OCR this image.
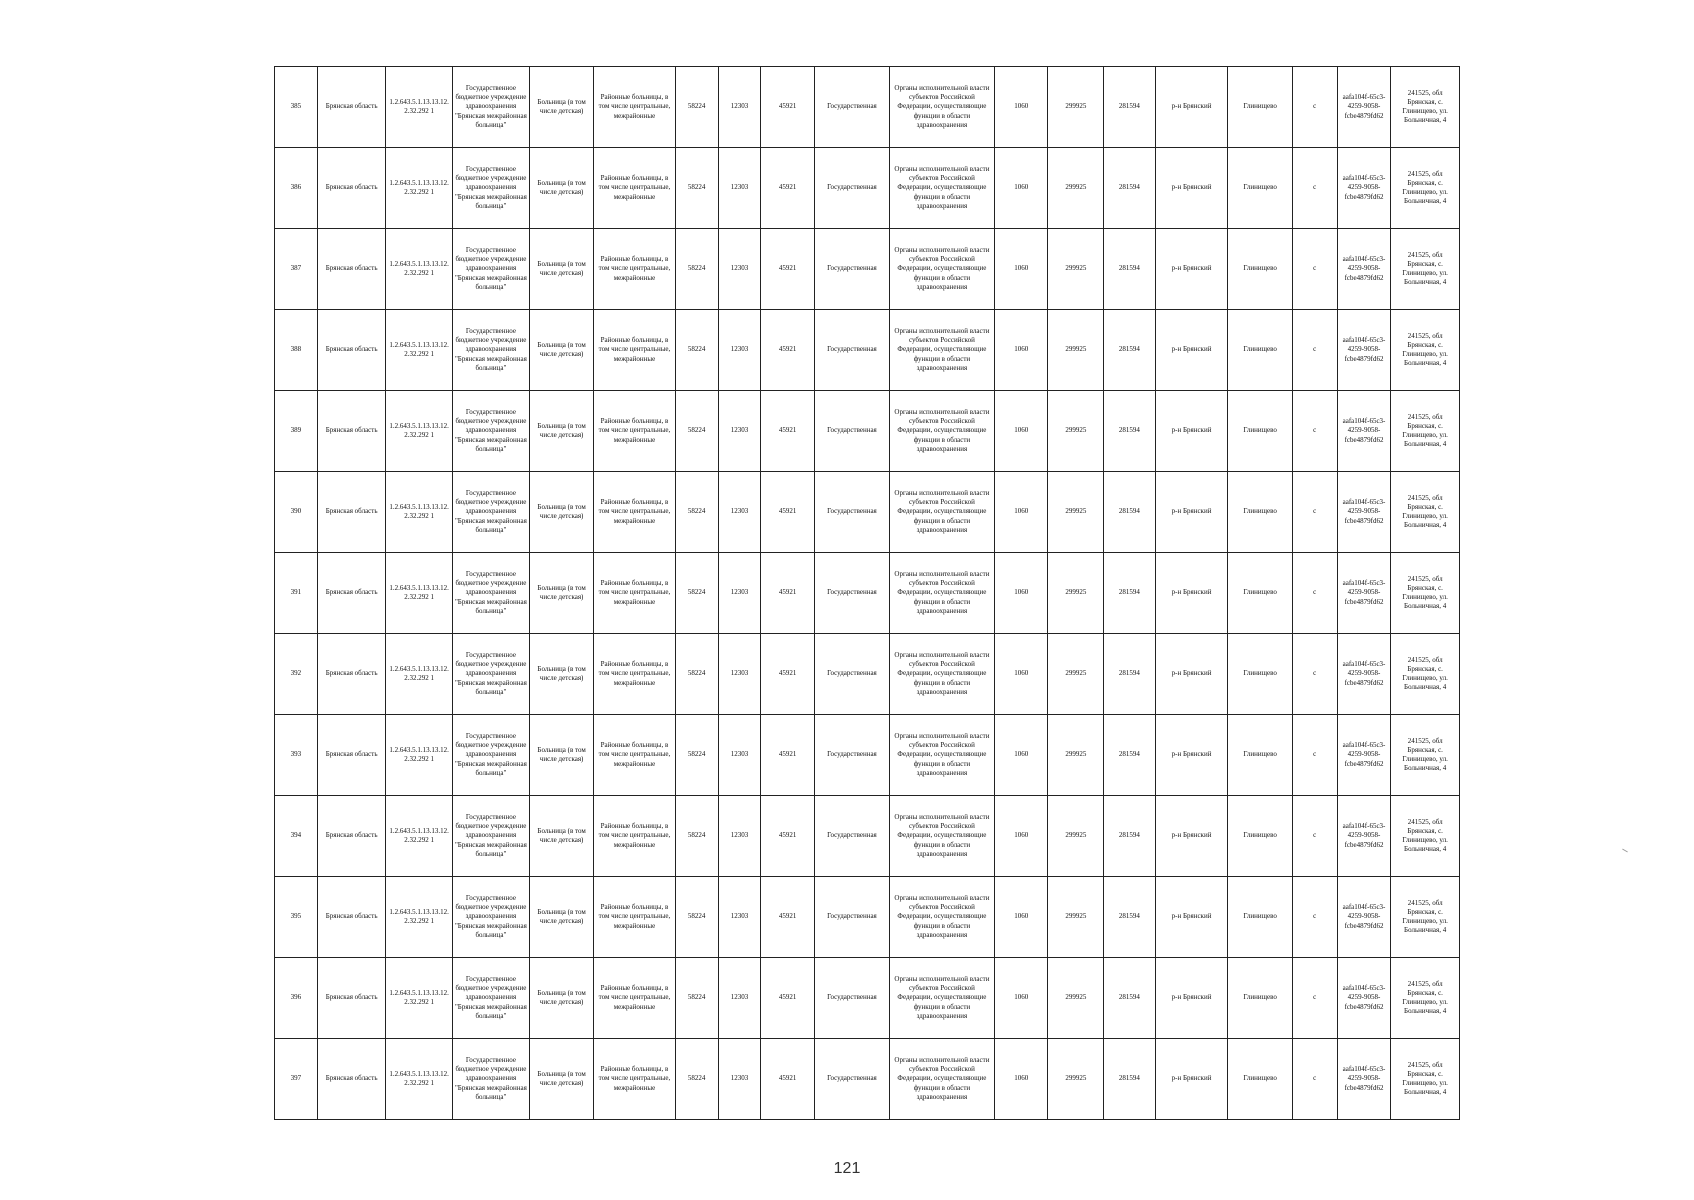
385	Брянская область	1.2.643.5.1.13.13.12.2.32.292 1	Государственное бюджетное учреждение здравоохранения "Брянская межрайонная больница"	Больница (в том числе детская)	Районные больницы, в том числе центральные, межрайонные	58224	12303	45921	Государственная	Органы исполнительной власти субъектов Российской Федерации, осуществляющие функции в области здравоохранения	1060	299925	281594	р-н Брянский	Глинищево	с	aafa104f-65c3-4259-9058-fcbe4879fd62	241525, обл Брянская, с. Глинищево, ул. Больничная, 4
386	Брянская область	1.2.643.5.1.13.13.12.2.32.292 1	Государственное бюджетное учреждение здравоохранения "Брянская межрайонная больница"	Больница (в том числе детская)	Районные больницы, в том числе центральные, межрайонные	58224	12303	45921	Государственная	Органы исполнительной власти субъектов Российской Федерации, осуществляющие функции в области здравоохранения	1060	299925	281594	р-н Брянский	Глинищево	с	aafa104f-65c3-4259-9058-fcbe4879fd62	241525, обл Брянская, с. Глинищево, ул. Больничная, 4
387	Брянская область	1.2.643.5.1.13.13.12.2.32.292 1	Государственное бюджетное учреждение здравоохранения "Брянская межрайонная больница"	Больница (в том числе детская)	Районные больницы, в том числе центральные, межрайонные	58224	12303	45921	Государственная	Органы исполнительной власти субъектов Российской Федерации, осуществляющие функции в области здравоохранения	1060	299925	281594	р-н Брянский	Глинищево	с	aafa104f-65c3-4259-9058-fcbe4879fd62	241525, обл Брянская, с. Глинищево, ул. Больничная, 4
388	Брянская область	1.2.643.5.1.13.13.12.2.32.292 1	Государственное бюджетное учреждение здравоохранения "Брянская межрайонная больница"	Больница (в том числе детская)	Районные больницы, в том числе центральные, межрайонные	58224	12303	45921	Государственная	Органы исполнительной власти субъектов Российской Федерации, осуществляющие функции в области здравоохранения	1060	299925	281594	р-н Брянский	Глинищево	с	aafa104f-65c3-4259-9058-fcbe4879fd62	241525, обл Брянская, с. Глинищево, ул. Больничная, 4
389	Брянская область	1.2.643.5.1.13.13.12.2.32.292 1	Государственное бюджетное учреждение здравоохранения "Брянская межрайонная больница"	Больница (в том числе детская)	Районные больницы, в том числе центральные, межрайонные	58224	12303	45921	Государственная	Органы исполнительной власти субъектов Российской Федерации, осуществляющие функции в области здравоохранения	1060	299925	281594	р-н Брянский	Глинищево	с	aafa104f-65c3-4259-9058-fcbe4879fd62	241525, обл Брянская, с. Глинищево, ул. Больничная, 4
390	Брянская область	1.2.643.5.1.13.13.12.2.32.292 1	Государственное бюджетное учреждение здравоохранения "Брянская межрайонная больница"	Больница (в том числе детская)	Районные больницы, в том числе центральные, межрайонные	58224	12303	45921	Государственная	Органы исполнительной власти субъектов Российской Федерации, осуществляющие функции в области здравоохранения	1060	299925	281594	р-н Брянский	Глинищево	с	aafa104f-65c3-4259-9058-fcbe4879fd62	241525, обл Брянская, с. Глинищево, ул. Больничная, 4
391	Брянская область	1.2.643.5.1.13.13.12.2.32.292 1	Государственное бюджетное учреждение здравоохранения "Брянская межрайонная больница"	Больница (в том числе детская)	Районные больницы, в том числе центральные, межрайонные	58224	12303	45921	Государственная	Органы исполнительной власти субъектов Российской Федерации, осуществляющие функции в области здравоохранения	1060	299925	281594	р-н Брянский	Глинищево	с	aafa104f-65c3-4259-9058-fcbe4879fd62	241525, обл Брянская, с. Глинищево, ул. Больничная, 4
392	Брянская область	1.2.643.5.1.13.13.12.2.32.292 1	Государственное бюджетное учреждение здравоохранения "Брянская межрайонная больница"	Больница (в том числе детская)	Районные больницы, в том числе центральные, межрайонные	58224	12303	45921	Государственная	Органы исполнительной власти субъектов Российской Федерации, осуществляющие функции в области здравоохранения	1060	299925	281594	р-н Брянский	Глинищево	с	aafa104f-65c3-4259-9058-fcbe4879fd62	241525, обл Брянская, с. Глинищево, ул. Больничная, 4
393	Брянская область	1.2.643.5.1.13.13.12.2.32.292 1	Государственное бюджетное учреждение здравоохранения "Брянская межрайонная больница"	Больница (в том числе детская)	Районные больницы, в том числе центральные, межрайонные	58224	12303	45921	Государственная	Органы исполнительной власти субъектов Российской Федерации, осуществляющие функции в области здравоохранения	1060	299925	281594	р-н Брянский	Глинищево	с	aafa104f-65c3-4259-9058-fcbe4879fd62	241525, обл Брянская, с. Глинищево, ул. Больничная, 4
394	Брянская область	1.2.643.5.1.13.13.12.2.32.292 1	Государственное бюджетное учреждение здравоохранения "Брянская межрайонная больница"	Больница (в том числе детская)	Районные больницы, в том числе центральные, межрайонные	58224	12303	45921	Государственная	Органы исполнительной власти субъектов Российской Федерации, осуществляющие функции в области здравоохранения	1060	299925	281594	р-н Брянский	Глинищево	с	aafa104f-65c3-4259-9058-fcbe4879fd62	241525, обл Брянская, с. Глинищево, ул. Больничная, 4
395	Брянская область	1.2.643.5.1.13.13.12.2.32.292 1	Государственное бюджетное учреждение здравоохранения "Брянская межрайонная больница"	Больница (в том числе детская)	Районные больницы, в том числе центральные, межрайонные	58224	12303	45921	Государственная	Органы исполнительной власти субъектов Российской Федерации, осуществляющие функции в области здравоохранения	1060	299925	281594	р-н Брянский	Глинищево	с	aafa104f-65c3-4259-9058-fcbe4879fd62	241525, обл Брянская, с. Глинищево, ул. Больничная, 4
396	Брянская область	1.2.643.5.1.13.13.12.2.32.292 1	Государственное бюджетное учреждение здравоохранения "Брянская межрайонная больница"	Больница (в том числе детская)	Районные больницы, в том числе центральные, межрайонные	58224	12303	45921	Государственная	Органы исполнительной власти субъектов Российской Федерации, осуществляющие функции в области здравоохранения	1060	299925	281594	р-н Брянский	Глинищево	с	aafa104f-65c3-4259-9058-fcbe4879fd62	241525, обл Брянская, с. Глинищево, ул. Больничная, 4
397	Брянская область	1.2.643.5.1.13.13.12.2.32.292 1	Государственное бюджетное учреждение здравоохранения "Брянская межрайонная больница"	Больница (в том числе детская)	Районные больницы, в том числе центральные, межрайонные	58224	12303	45921	Государственная	Органы исполнительной власти субъектов Российской Федерации, осуществляющие функции в области здравоохранения	1060	299925	281594	р-н Брянский	Глинищево	с	aafa104f-65c3-4259-9058-fcbe4879fd62	241525, обл Брянская, с. Глинищево, ул. Больничная, 4
121
